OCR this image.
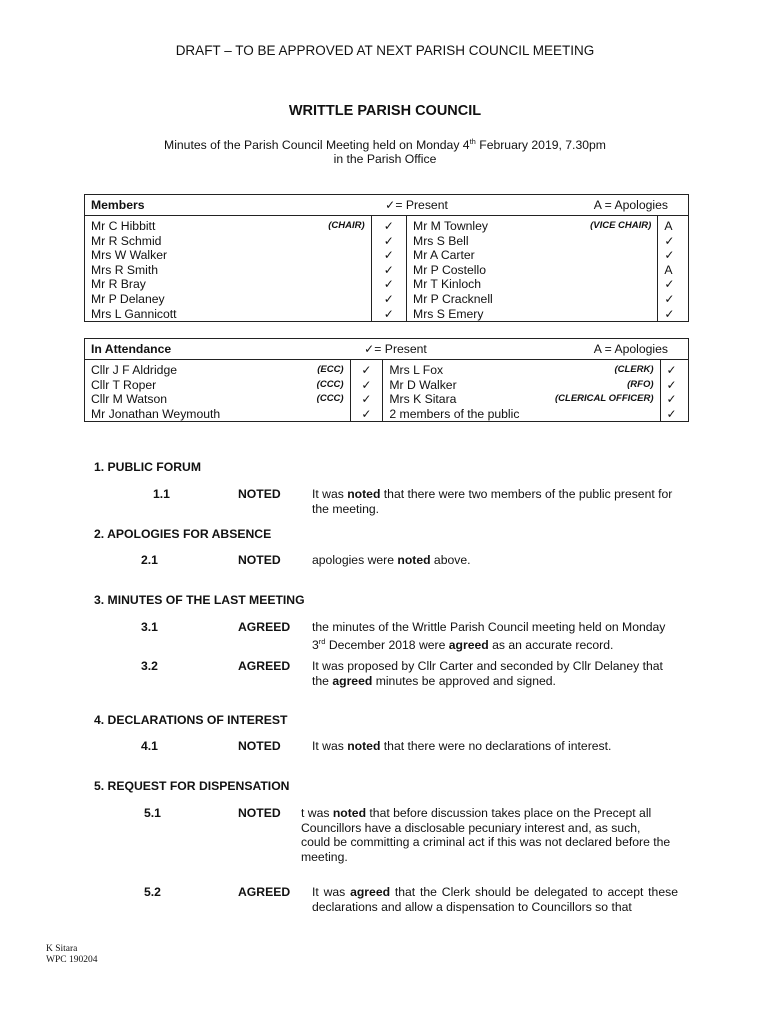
DRAFT – TO BE APPROVED AT NEXT PARISH COUNCIL MEETING
WRITTLE PARISH COUNCIL
Minutes of the Parish Council Meeting held on Monday 4th February 2019, 7.30pm
in the Parish Office
Members		✓= Present		A = Apologies	
Mr C Hibbitt	(CHAIR)	✓	Mr M Townley	(VICE CHAIR)	A
Mr R Schmid		✓	Mrs S Bell		✓
Mrs W Walker		✓	Mr A Carter		✓
Mrs R Smith		✓	Mr P Costello		A
Mr R Bray		✓	Mr T Kinloch		✓
Mr P Delaney		✓	Mr P Cracknell		✓
Mrs L Gannicott		✓	Mrs S Emery		✓
In Attendance		✓= Present		A = Apologies	
Cllr J F Aldridge	(ECC)	✓	Mrs L Fox	(CLERK)	✓
Cllr T Roper	(CCC)	✓	Mr D Walker	(RFO)	✓
Cllr M Watson	(CCC)	✓	Mrs K Sitara	(CLERICAL OFFICER)	✓
Mr Jonathan Weymouth		✓	2 members of the public		✓
1. PUBLIC FORUM
1.1	NOTED	It was noted that there were two members of the public present for the meeting.
2. APOLOGIES FOR ABSENCE
2.1	NOTED	apologies were noted above.
3. MINUTES OF THE LAST MEETING
3.1	AGREED the minutes of the Writtle Parish Council meeting held on Monday 3rd December 2018 were agreed as an accurate record.
3.2	AGREED It was proposed by Cllr Carter and seconded by Cllr Delaney that the agreed minutes be approved and signed.
4. DECLARATIONS OF INTEREST
4.1	NOTED	It was noted that there were no declarations of interest.
5. REQUEST FOR DISPENSATION
5.1	NOTED t was noted that before discussion takes place on the Precept all
Councillors have a disclosable pecuniary interest and, as such,
could be committing a criminal act if this was not declared before the
meeting.
5.2	AGREED It was agreed that the Clerk should be delegated to accept these declarations and allow a dispensation to Councillors so that
K Sitara
WPC 190204
